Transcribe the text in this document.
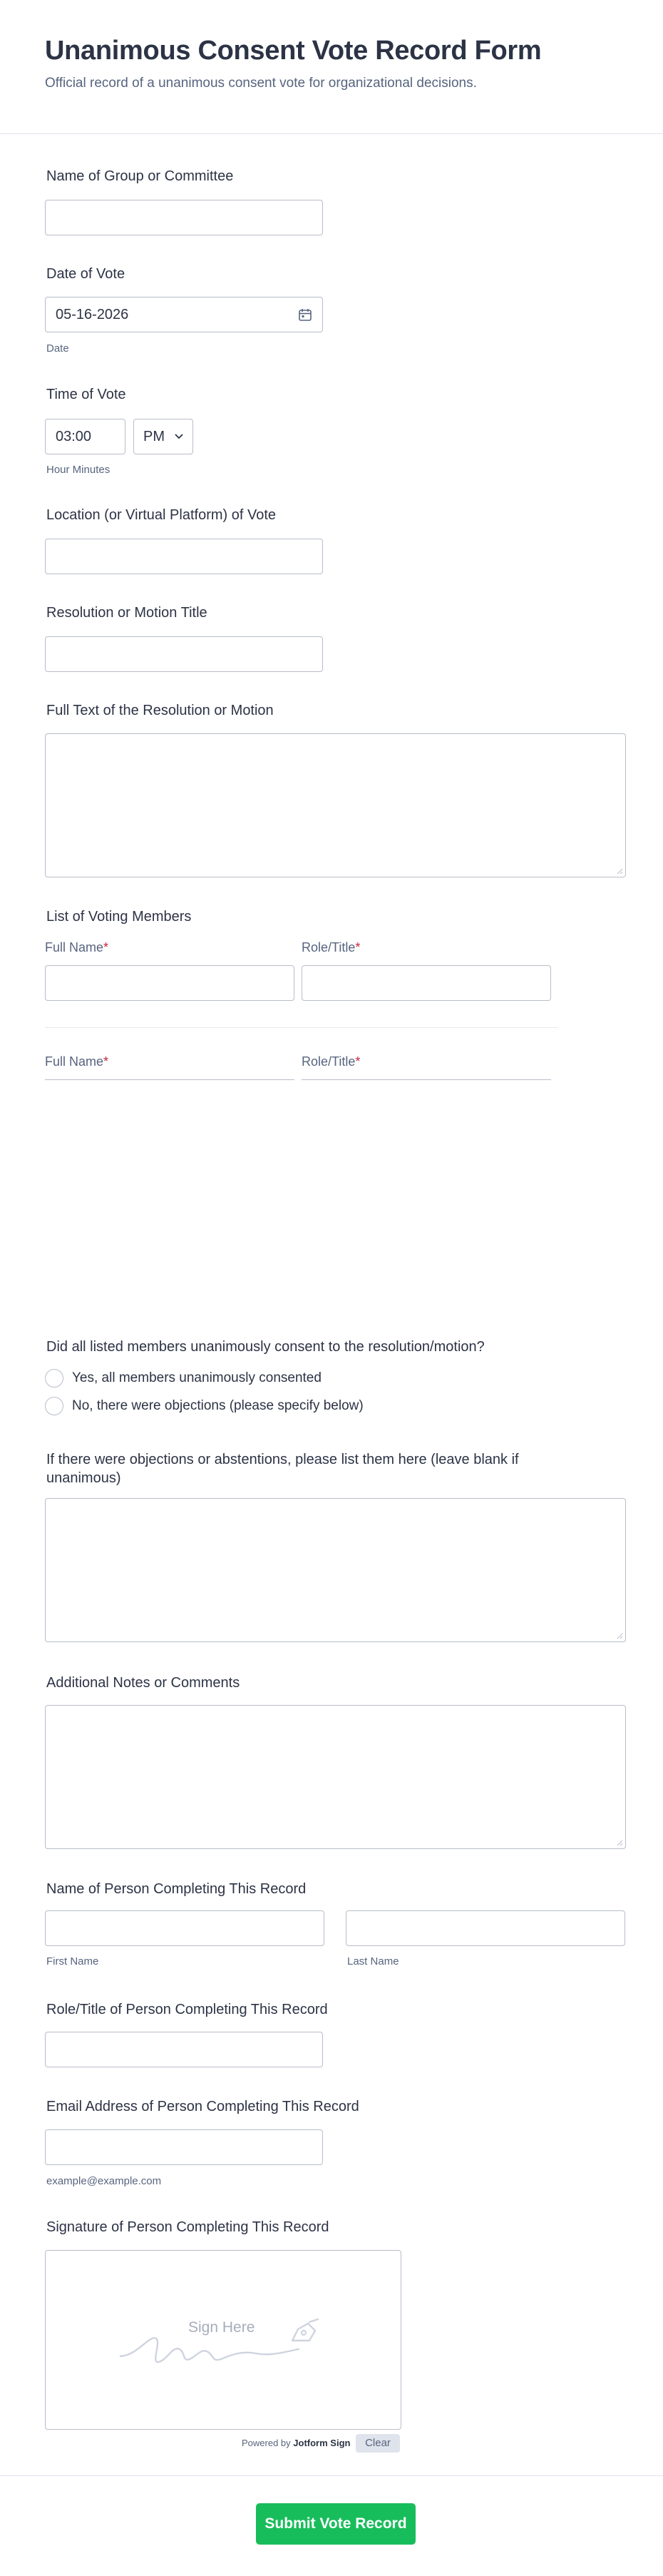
Unanimous Consent Vote Record Form
Official record of a unanimous consent vote for organizational decisions.
Name of Group or Committee
Date of Vote
05-16-2026
Date
Time of Vote
03:00	PM
Hour Minutes
Location (or Virtual Platform) of Vote
Resolution or Motion Title
Full Text of the Resolution or Motion
List of Voting Members
Full Name*	Role/Title*
Full Name*	Role/Title*
Did all listed members unanimously consent to the resolution/motion?
Yes, all members unanimously consented
No, there were objections (please specify below)
If there were objections or abstentions, please list them here (leave blank if unanimous)
Additional Notes or Comments
Name of Person Completing This Record
First Name	Last Name
Role/Title of Person Completing This Record
Email Address of Person Completing This Record
example@example.com
Signature of Person Completing This Record
Sign Here
Powered by Jotform Sign	Clear
Submit Vote Record
